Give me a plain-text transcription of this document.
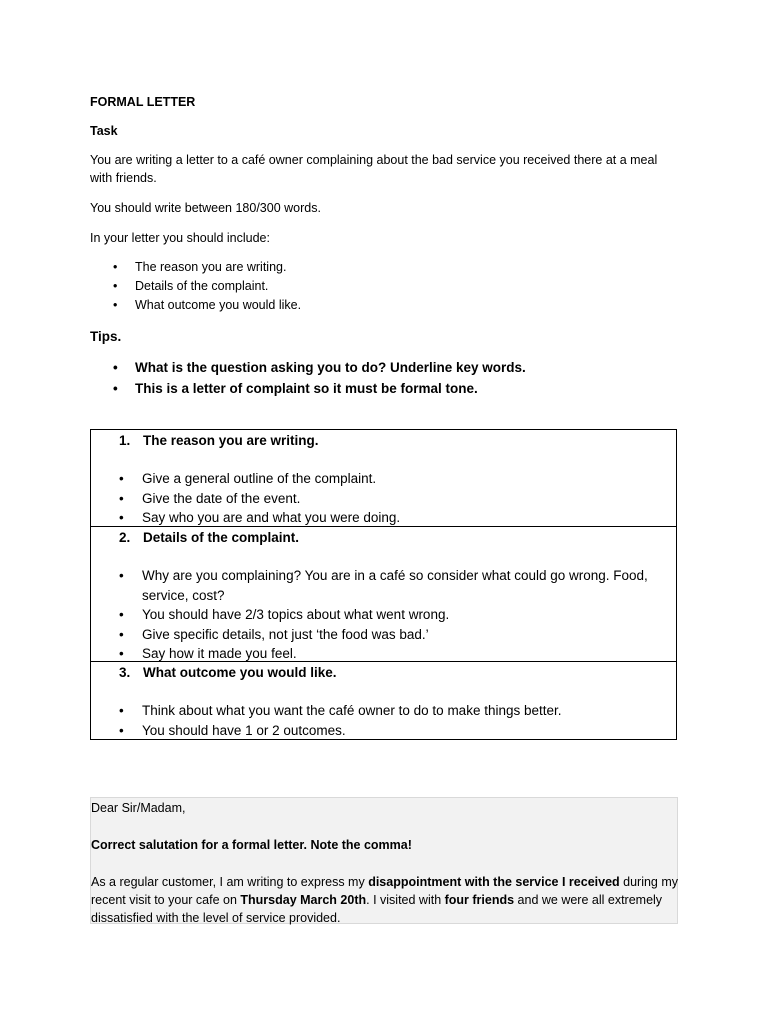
FORMAL LETTER
Task
You are writing a letter to a café owner complaining about the bad service you received there at a meal with friends.
You should write between 180/300 words.
In your letter you should include:
• The reason you are writing.
• Details of the complaint.
• What outcome you would like.
Tips.
• What is the question asking you to do? Underline key words.
• This is a letter of complaint so it must be formal tone.
1. The reason you are writing.
• Give a general outline of the complaint.
• Give the date of the event.
• Say who you are and what you were doing.
2. Details of the complaint.
• Why are you complaining? You are in a café so consider what could go wrong. Food, service, cost?
• You should have 2/3 topics about what went wrong.
• Give specific details, not just ‘the food was bad.’
• Say how it made you feel.
3. What outcome you would like.
• Think about what you want the café owner to do to make things better.
• You should have 1 or 2 outcomes.
Dear Sir/Madam,
Correct salutation for a formal letter. Note the comma!
As a regular customer, I am writing to express my disappointment with the service I received during my recent visit to your cafe on Thursday March 20th. I visited with four friends and we were all extremely dissatisfied with the level of service provided.
